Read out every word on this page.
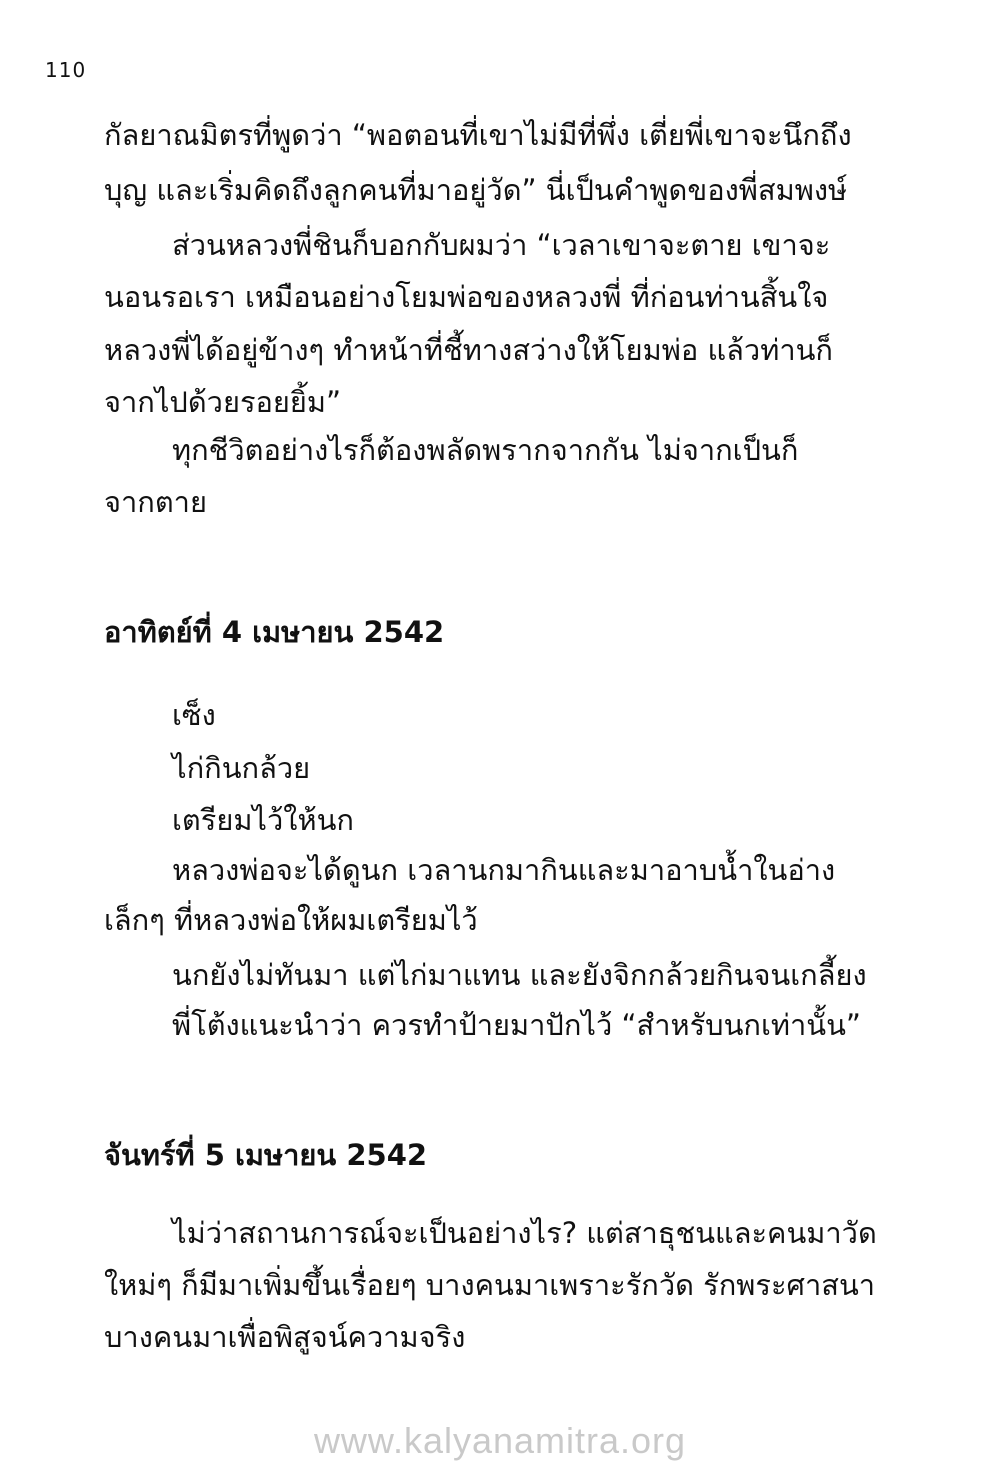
110
กัลยาณมิตรที่พูดว่า “พอตอนที่เขาไม่มีที่พึ่ง เตี่ยพี่เขาจะนึกถึง
บุญ และเริ่มคิดถึงลูกคนที่มาอยู่วัด” นี่เป็นคำพูดของพี่สมพงษ์
ส่วนหลวงพี่ชินก็บอกกับผมว่า “เวลาเขาจะตาย เขาจะ
นอนรอเรา เหมือนอย่างโยมพ่อของหลวงพี่ ที่ก่อนท่านสิ้นใจ
หลวงพี่ได้อยู่ข้างๆ ทำหน้าที่ชี้ทางสว่างให้โยมพ่อ แล้วท่านก็
จากไปด้วยรอยยิ้ม”
ทุกชีวิตอย่างไรก็ต้องพลัดพรากจากกัน ไม่จากเป็นก็
จากตาย
อาทิตย์ที่ 4 เมษายน 2542
เซ็ง
ไก่กินกล้วย
เตรียมไว้ให้นก
หลวงพ่อจะได้ดูนก เวลานกมากินและมาอาบน้ำในอ่าง
เล็กๆ ที่หลวงพ่อให้ผมเตรียมไว้
นกยังไม่ทันมา แต่ไก่มาแทน และยังจิกกล้วยกินจนเกลี้ยง
พี่โต้งแนะนำว่า ควรทำป้ายมาปักไว้ “สำหรับนกเท่านั้น”
จันทร์ที่ 5 เมษายน 2542
ไม่ว่าสถานการณ์จะเป็นอย่างไร? แต่สาธุชนและคนมาวัด
ใหม่ๆ ก็มีมาเพิ่มขึ้นเรื่อยๆ บางคนมาเพราะรักวัด รักพระศาสนา
บางคนมาเพื่อพิสูจน์ความจริง
www.kalyanamitra.org
